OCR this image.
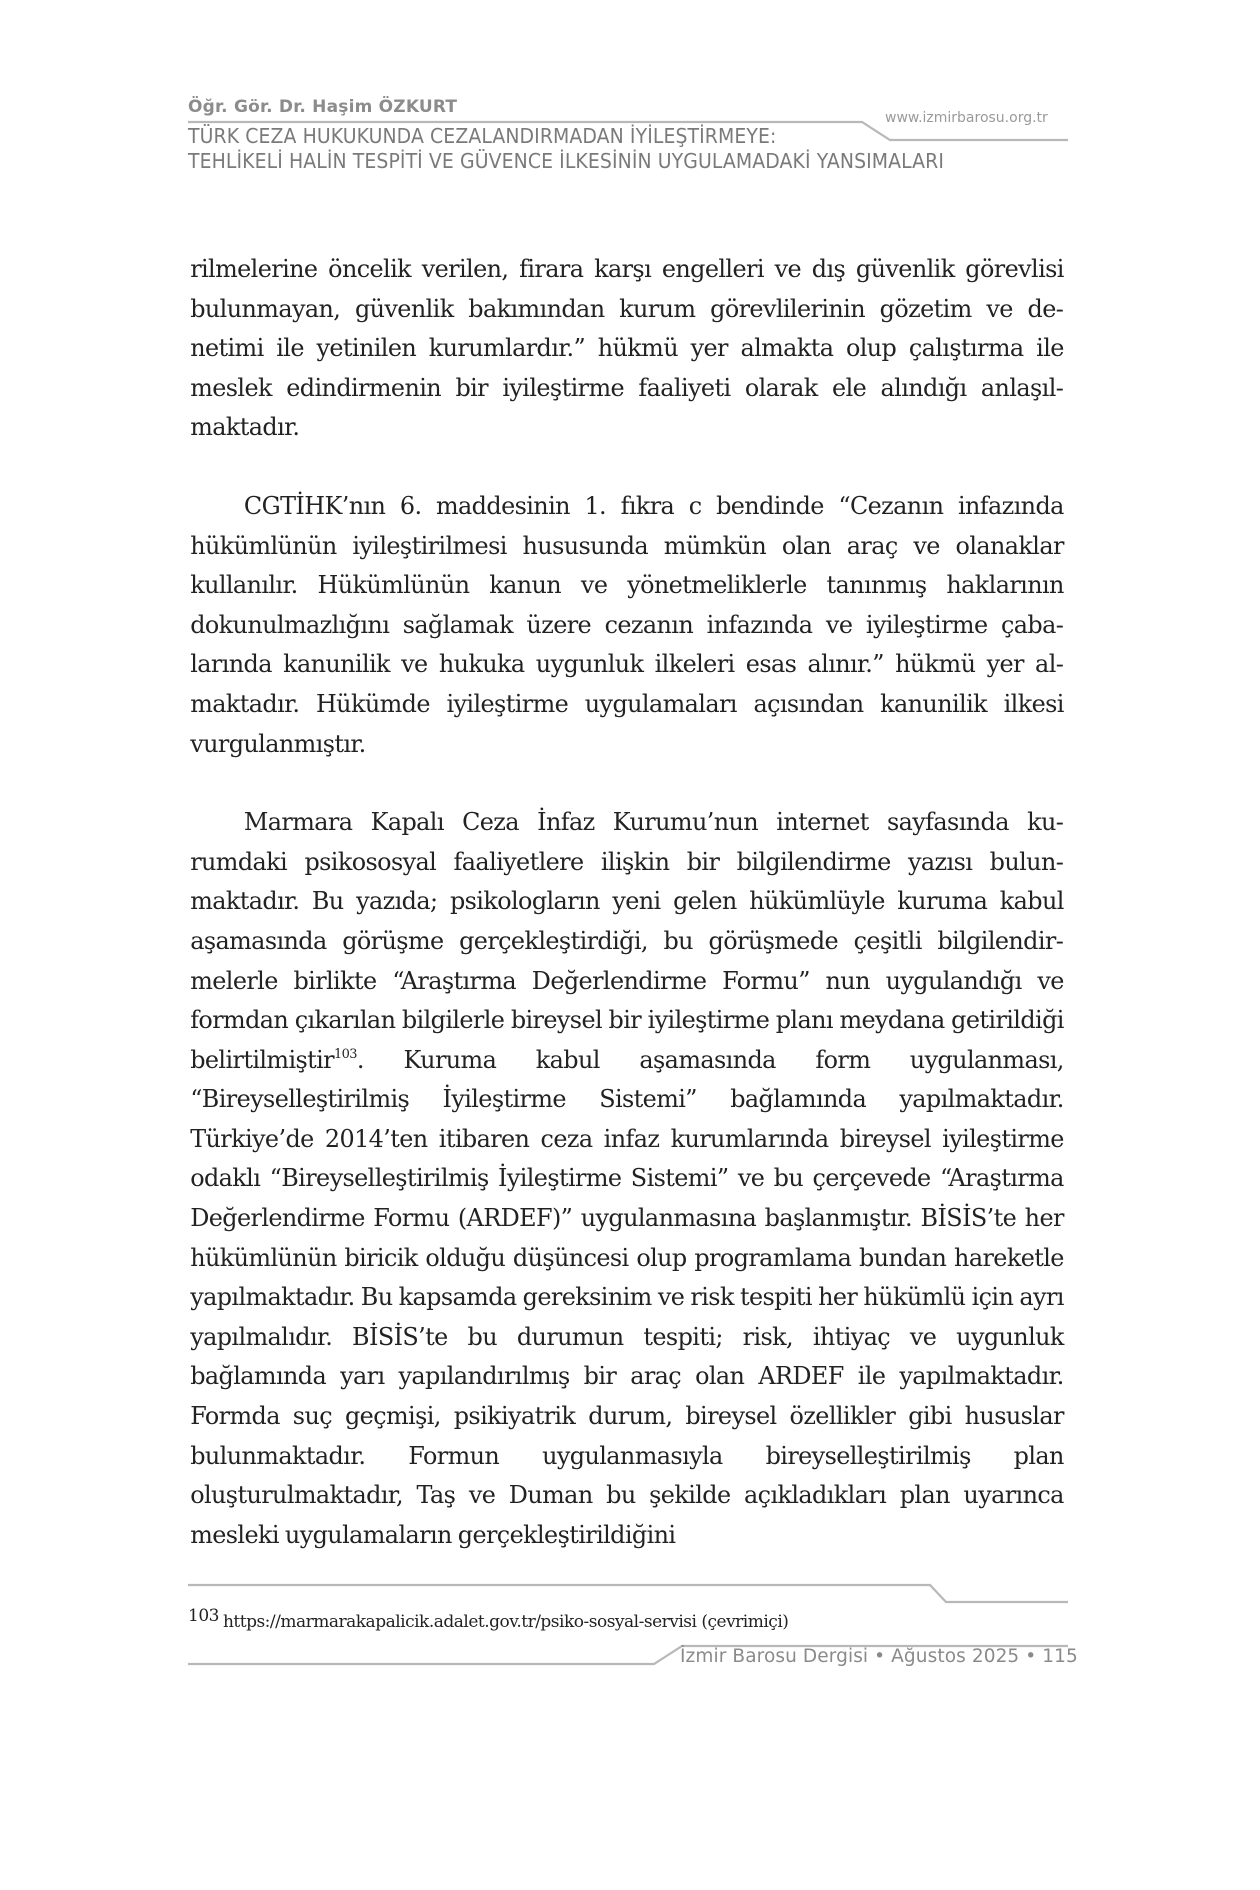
Öğr. Gör. Dr. Haşim ÖZKURT
www.izmirbarosu.org.tr
TÜRK CEZA HUKUKUNDA CEZALANDIRMADAN İYİLEŞTİRMEYE:
TEHLİKELİ HALİN TESPİTİ VE GÜVENCE İLKESİNİN UYGULAMADAKİ YANSIMALARI

rilmelerine öncelik verilen, firara karşı engelleri ve dış güvenlik görevlisi bulunmayan, güvenlik bakımından kurum görevlilerinin gözetim ve denetimi ile yetinilen kurumlardır.” hükmü yer almakta olup çalıştırma ile meslek edindirmenin bir iyileştirme faaliyeti olarak ele alındığı anlaşılmaktadır.

CGTİHK’nın 6. maddesinin 1. fıkra c bendinde “Cezanın infazında hükümlünün iyileştirilmesi hususunda mümkün olan araç ve olanaklar kullanılır. Hükümlünün kanun ve yönetmeliklerle tanınmış haklarının dokunulmazlığını sağlamak üzere cezanın infazında ve iyileştirme çabalarında kanunilik ve hukuka uygunluk ilkeleri esas alınır.” hükmü yer almaktadır. Hükümde iyileştirme uygulamaları açısından kanunilik ilkesi vurgulanmıştır.

Marmara Kapalı Ceza İnfaz Kurumu’nun internet sayfasında kurumdaki psikososyal faaliyetlere ilişkin bir bilgilendirme yazısı bulunmaktadır. Bu yazıda; psikologların yeni gelen hükümlüyle kuruma kabul aşamasında görüşme gerçekleştirdiği, bu görüşmede çeşitli bilgilendirmelerle birlikte “Araştırma Değerlendirme Formu” nun uygulandığı ve formdan çıkarılan bilgilerle bireysel bir iyileştirme planı meydana getirildiği belirtilmiştir$^{103}$. Kuruma kabul aşamasında form uygulanması, “Bireyselleştirilmiş İyileştirme Sistemi” bağlamında yapılmaktadır. Türkiye’de 2014’ten itibaren ceza infaz kurumlarında bireysel iyileştirme odaklı “Bireyselleştirilmiş İyileştirme Sistemi” ve bu çerçevede “Araştırma Değerlendirme Formu (ARDEF)” uygulanmasına başlanmıştır. BİSİS’te her hükümlünün biricik olduğu düşüncesi olup programlama bundan hareketle yapılmaktadır. Bu kapsamda gereksinim ve risk tespiti her hükümlü için ayrı yapılmalıdır. BİSİS’te bu durumun tespiti; risk, ihtiyaç ve uygunluk bağlamında yarı yapılandırılmış bir araç olan ARDEF ile yapılmaktadır. Formda suç geçmişi, psikiyatrik durum, bireysel özellikler gibi hususlar bulunmaktadır. Formun uygulanmasıyla bireyselleştirilmiş plan oluşturulmaktadır, Taş ve Duman bu şekilde açıkladıkları plan uyarınca mesleki uygulamaların gerçekleştirildiğini

103 https://marmarakapalicik.adalet.gov.tr/psiko-sosyal-servisi (çevrimiçi)
İzmir Barosu Dergisi • Ağustos 2025 • 115
